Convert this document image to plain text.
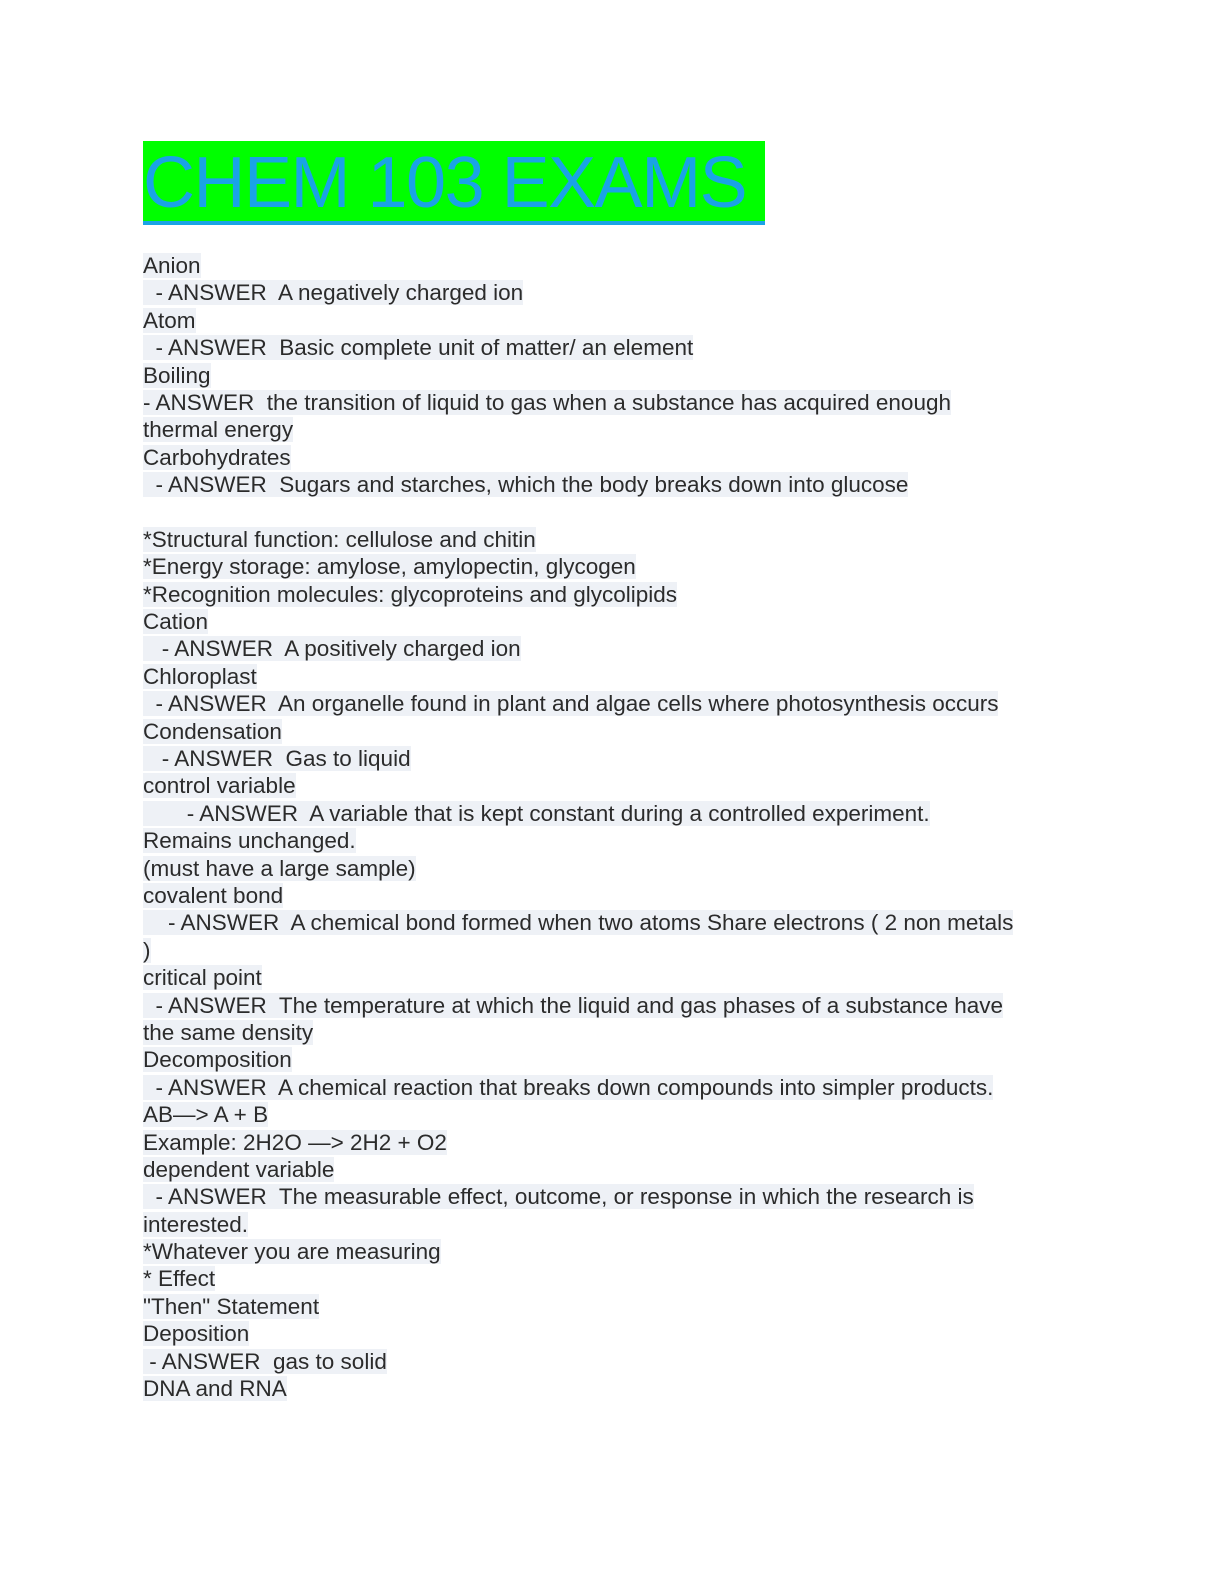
CHEM 103 EXAMS
Anion
- ANSWER  A negatively charged ion
Atom
- ANSWER  Basic complete unit of matter/ an element
Boiling
- ANSWER  the transition of liquid to gas when a substance has acquired enough
thermal energy
Carbohydrates
- ANSWER  Sugars and starches, which the body breaks down into glucose
*Structural function: cellulose and chitin
*Energy storage: amylose, amylopectin, glycogen
*Recognition molecules: glycoproteins and glycolipids
Cation
- ANSWER  A positively charged ion
Chloroplast
- ANSWER  An organelle found in plant and algae cells where photosynthesis occurs
Condensation
- ANSWER  Gas to liquid
control variable
- ANSWER  A variable that is kept constant during a controlled experiment.
Remains unchanged.
(must have a large sample)
covalent bond
- ANSWER  A chemical bond formed when two atoms Share electrons ( 2 non metals
)
critical point
- ANSWER  The temperature at which the liquid and gas phases of a substance have
the same density
Decomposition
- ANSWER  A chemical reaction that breaks down compounds into simpler products.
AB—> A + B
Example: 2H2O —> 2H2 + O2
dependent variable
- ANSWER  The measurable effect, outcome, or response in which the research is
interested.
*Whatever you are measuring
* Effect
"Then" Statement
Deposition
- ANSWER  gas to solid
DNA and RNA
